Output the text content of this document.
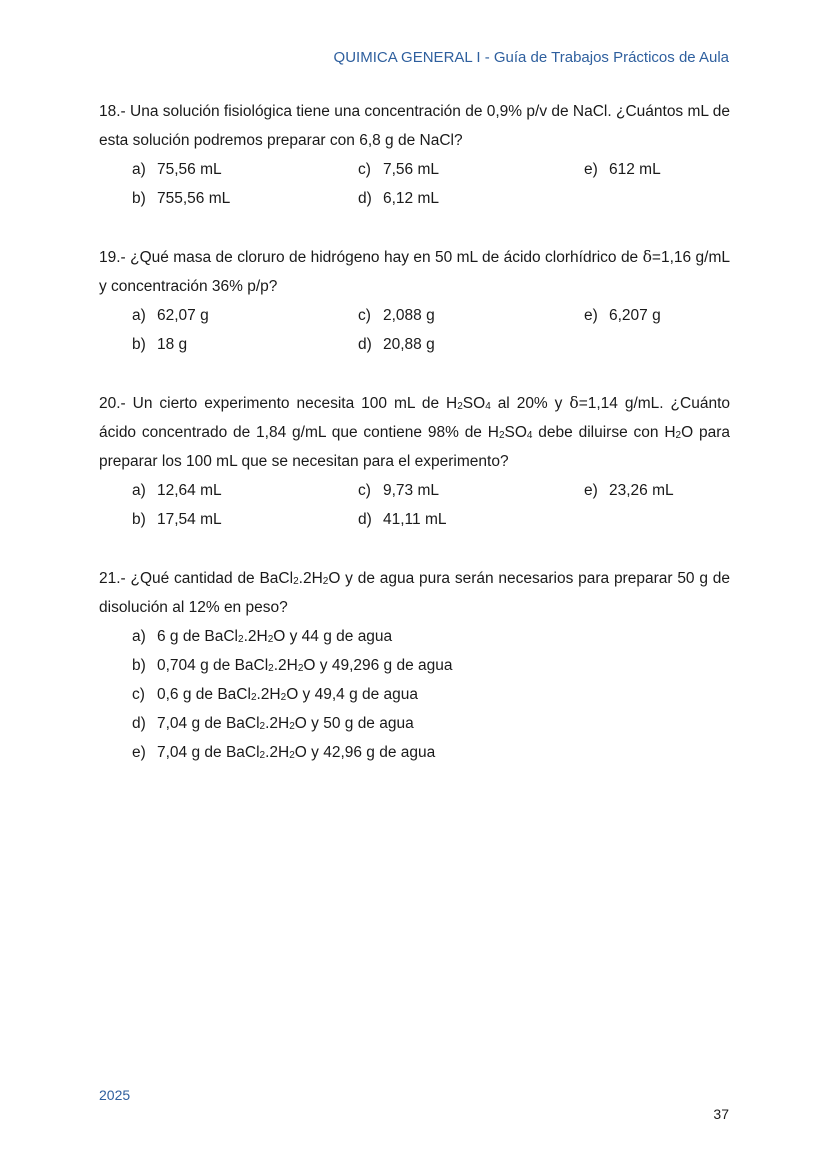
QUIMICA GENERAL I - Guía de Trabajos Prácticos de Aula

18.- Una solución fisiológica tiene una concentración de 0,9% p/v de NaCl. ¿Cuántos mL de esta solución podremos preparar con 6,8 g de NaCl?

a) 75,56 mL	c) 7,56 mL	e) 612 mL
b) 755,56 mL	d) 6,12 mL

19.- ¿Qué masa de cloruro de hidrógeno hay en 50 mL de ácido clorhídrico de δ=1,16 g/mL y concentración 36% p/p?

a) 62,07 g	c) 2,088 g	e) 6,207 g
b) 18 g	d) 20,88 g

20.- Un cierto experimento necesita 100 mL de $H_2SO_4$ al 20% y δ=1,14 g/mL. ¿Cuánto ácido concentrado de 1,84 g/mL que contiene 98% de $H_2SO_4$ debe diluirse con $H_2O$ para preparar los 100 mL que se necesitan para el experimento?

a) 12,64 mL	c) 9,73 mL	e) 23,26 mL
b) 17,54 mL	d) 41,11 mL

21.- ¿Qué cantidad de $BaCl_2.2H_2O$ y de agua pura serán necesarios para preparar 50 g de disolución al 12% en peso?

a) 6 g de $BaCl_2.2H_2O$ y 44 g de agua
b) 0,704 g de $BaCl_2.2H_2O$ y 49,296 g de agua
c) 0,6 g de $BaCl_2.2H_2O$ y 49,4 g de agua
d) 7,04 g de $BaCl_2.2H_2O$ y 50 g de agua
e) 7,04 g de $BaCl_2.2H_2O$ y 42,96 g de agua
2025
37
